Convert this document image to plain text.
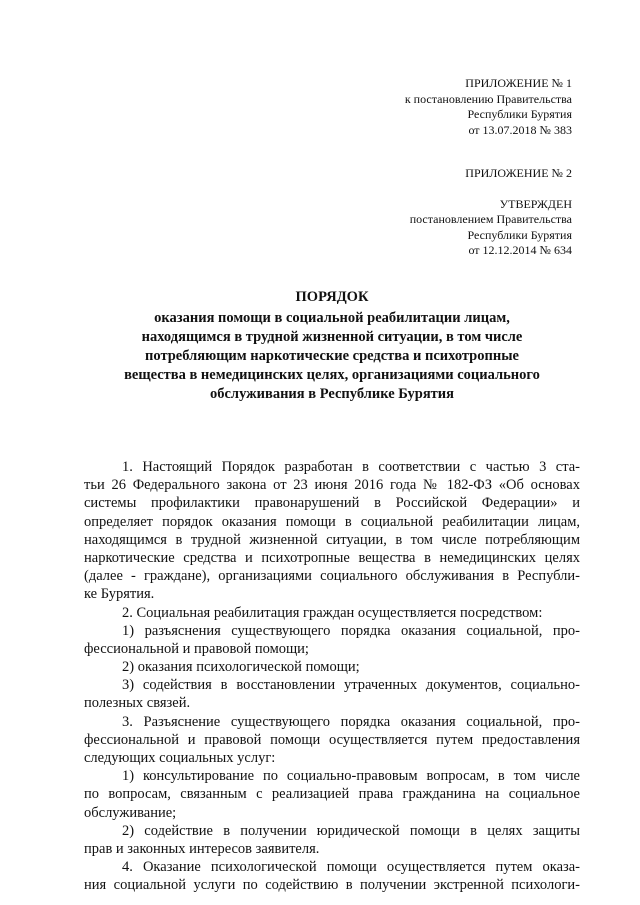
ПРИЛОЖЕНИЕ № 1
к постановлению Правительства
Республики Бурятия
от 13.07.2018 № 383
ПРИЛОЖЕНИЕ № 2
УТВЕРЖДЕН
постановлением Правительства
Республики Бурятия
от 12.12.2014 № 634
ПОРЯДОК
оказания помощи в социальной реабилитации лицам,
находящимся в трудной жизненной ситуации, в том числе
потребляющим наркотические средства и психотропные
вещества в немедицинских целях, организациями социального
обслуживания в Республике Бурятия
1. Настоящий Порядок разработан в соответствии с частью 3 ста-
тьи 26 Федерального закона от 23 июня 2016 года № 182-ФЗ «Об основах
системы профилактики правонарушений в Российской Федерации» и
определяет порядок оказания помощи в социальной реабилитации лицам,
находящимся в трудной жизненной ситуации, в том числе потребляющим
наркотические средства и психотропные вещества в немедицинских целях
(далее - граждане), организациями социального обслуживания в Республи-
ке Бурятия.
2. Социальная реабилитация граждан осуществляется посредством:
1) разъяснения существующего порядка оказания социальной, про-
фессиональной и правовой помощи;
2) оказания психологической помощи;
3) содействия в восстановлении утраченных документов, социально-
полезных связей.
3. Разъяснение существующего порядка оказания социальной, про-
фессиональной и правовой помощи осуществляется путем предоставления
следующих социальных услуг:
1) консультирование по социально-правовым вопросам, в том числе
по вопросам, связанным с реализацией права гражданина на социальное
обслуживание;
2) содействие в получении юридической помощи в целях защиты
прав и законных интересов заявителя.
4. Оказание психологической помощи осуществляется путем оказа-
ния социальной услуги по содействию в получении экстренной психологи-
